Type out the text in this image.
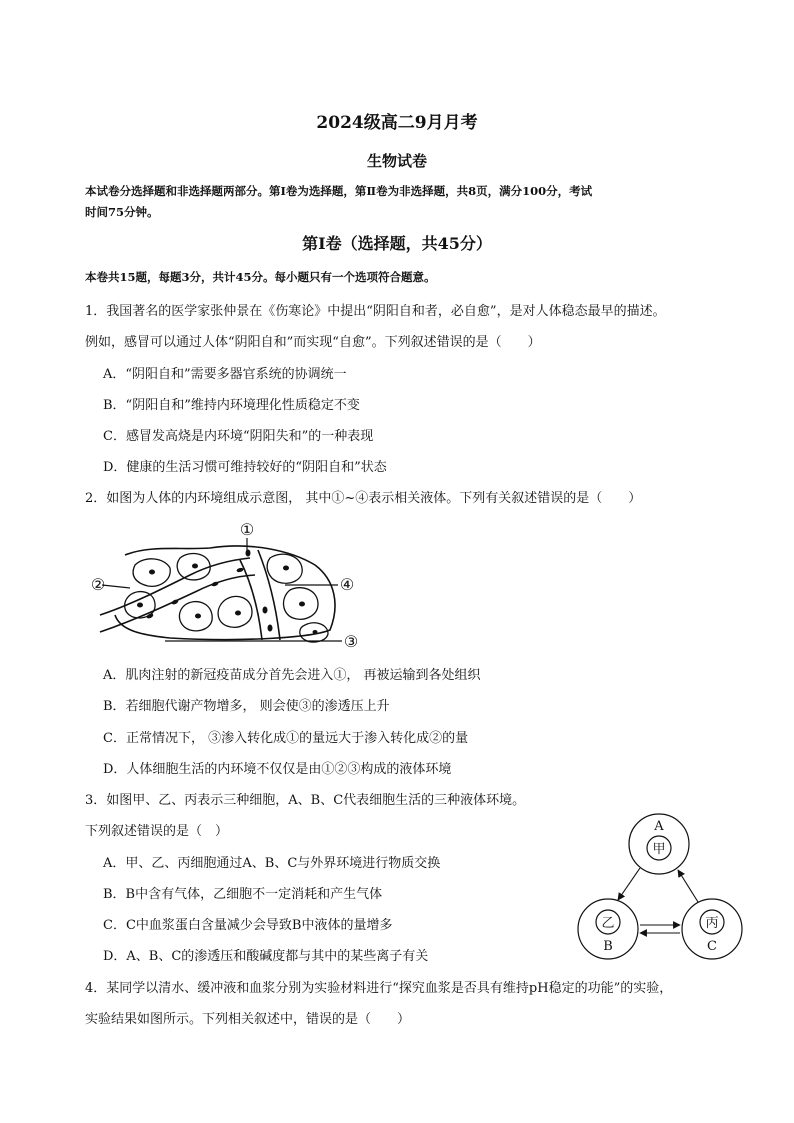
2024级高二9月月考
生物试卷
本试卷分选择题和非选择题两部分。第Ⅰ卷为选择题，第Ⅱ卷为非选择题，共8页，满分100分，考试
时间75分钟。
第Ⅰ卷（选择题，共45分）
本卷共15题，每题3分，共计45分。每小题只有一个选项符合题意。
1．我国著名的医学家张仲景在《伤寒论》中提出“阴阳自和者，必自愈”，是对人体稳态最早的描述。
例如，感冒可以通过人体“阴阳自和”而实现“自愈”。下列叙述错误的是（　　）
A．“阴阳自和”需要多器官系统的协调统一
B．“阴阳自和”维持内环境理化性质稳定不变
C．感冒发高烧是内环境“阴阳失和”的一种表现
D．健康的生活习惯可维持较好的“阴阳自和”状态
2．如图为人体的内环境组成示意图， 其中①~④表示相关液体。下列有关叙述错误的是（　　）
①
②
③
④
A．肌肉注射的新冠疫苗成分首先会进入①， 再被运输到各处组织
B．若细胞代谢产物增多， 则会使③的渗透压上升
C．正常情况下， ③渗入转化成①的量远大于渗入转化成②的量
D．人体细胞生活的内环境不仅仅是由①②③构成的液体环境
3．如图甲、乙、丙表示三种细胞，A、B、C代表细胞生活的三种液体环境。
下列叙述错误的是（　）
A．甲、乙、丙细胞通过A、B、C与外界环境进行物质交换
B．B中含有气体，乙细胞不一定消耗和产生气体
C．C中血浆蛋白含量减少会导致B中液体的量增多
D．A、B、C的渗透压和酸碱度都与其中的某些离子有关
A
甲
乙
B
丙
C
4．某同学以清水、缓冲液和血浆分别为实验材料进行“探究血浆是否具有维持pH稳定的功能”的实验，
实验结果如图所示。下列相关叙述中，错误的是（　　）
